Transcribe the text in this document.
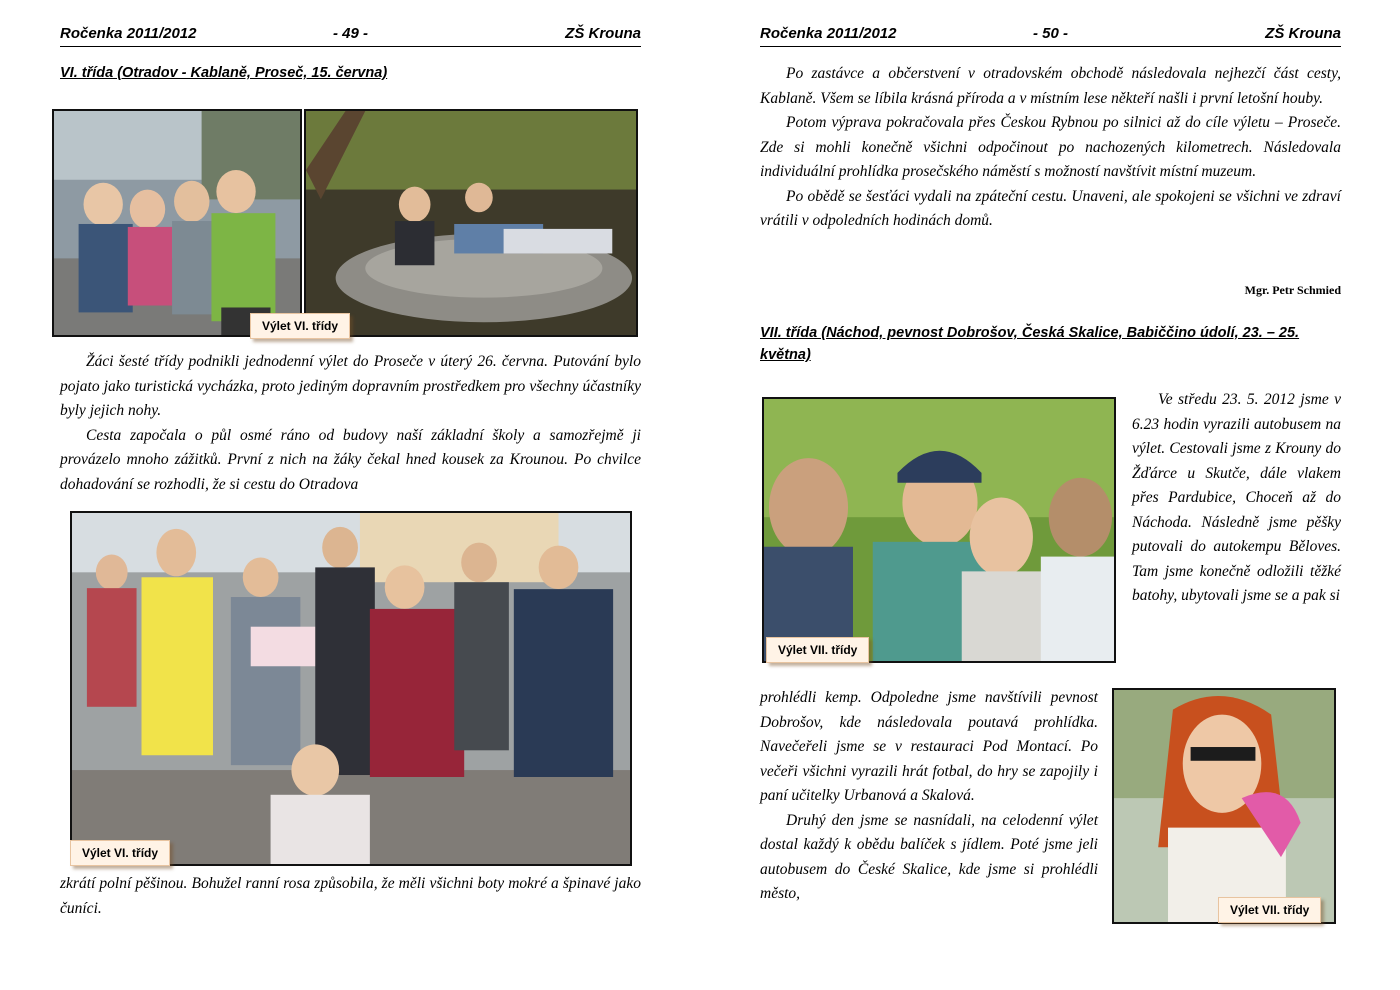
Ročenka 2011/2012	- 49 -	ZŠ Krouna
VI. třída (Otradov - Kablaně, Proseč, 15. června)
Výlet VI. třídy

Žáci šesté třídy podnikli jednodenní výlet do Proseče v úterý 26. června. Putování bylo pojato jako turistická vycházka, proto jediným dopravním prostředkem pro všechny účastníky byly jejich nohy.

Cesta započala o půl osmé ráno od budovy naší základní školy a samozřejmě ji provázelo mnoho zážitků. První z nich na žáky čekal hned kousek za Krounou. Po chvilce dohadování se rozhodli, že si cestu do Otradova

Výlet VI. třídy

zkrátí polní pěšinou. Bohužel ranní rosa způsobila, že měli všichni boty mokré a špinavé jako čuníci.

Ročenka 2011/2012	- 50 -	ZŠ Krouna

Po zastávce a občerstvení v otradovském obchodě následovala nejhezčí část cesty, Kablaně. Všem se líbila krásná příroda a v místním lese někteří našli i první letošní houby.

Potom výprava pokračovala přes Českou Rybnou po silnici až do cíle výletu – Proseče. Zde si mohli konečně všichni odpočinout po nachozených kilometrech. Následovala individuální prohlídka prosečského náměstí s možností navštívit místní muzeum.

Po obědě se šesťáci vydali na zpáteční cestu. Unaveni, ale spokojeni se všichni ve zdraví vrátili v odpoledních hodinách domů.

Mgr. Petr Schmied
VII. třída (Náchod, pevnost Dobrošov, Česká Skalice, Babiččino údolí, 23. – 25. května)
Výlet VII. třídy

Ve středu 23. 5. 2012 jsme v 6.23 hodin vyrazili autobusem na výlet. Cestovali jsme z Krouny do Žďárce u Skutče, dále vlakem přes Pardubice, Choceň až do Náchoda. Následně jsme pěšky putovali do autokempu Běloves. Tam jsme konečně odložili těžké batohy, ubytovali jsme se a pak si

prohlédli kemp. Odpoledne jsme navštívili pevnost Dobrošov, kde následovala poutavá prohlídka. Navečeřeli jsme se v restauraci Pod Montací. Po večeři všichni vyrazili hrát fotbal, do hry se zapojily i paní učitelky Urbanová a Skalová.

Druhý den jsme se nasnídali, na celodenní výlet dostal každý k obědu balíček s jídlem. Poté jsme jeli autobusem do České Skalice, kde jsme si prohlédli město,

Výlet VII. třídy
